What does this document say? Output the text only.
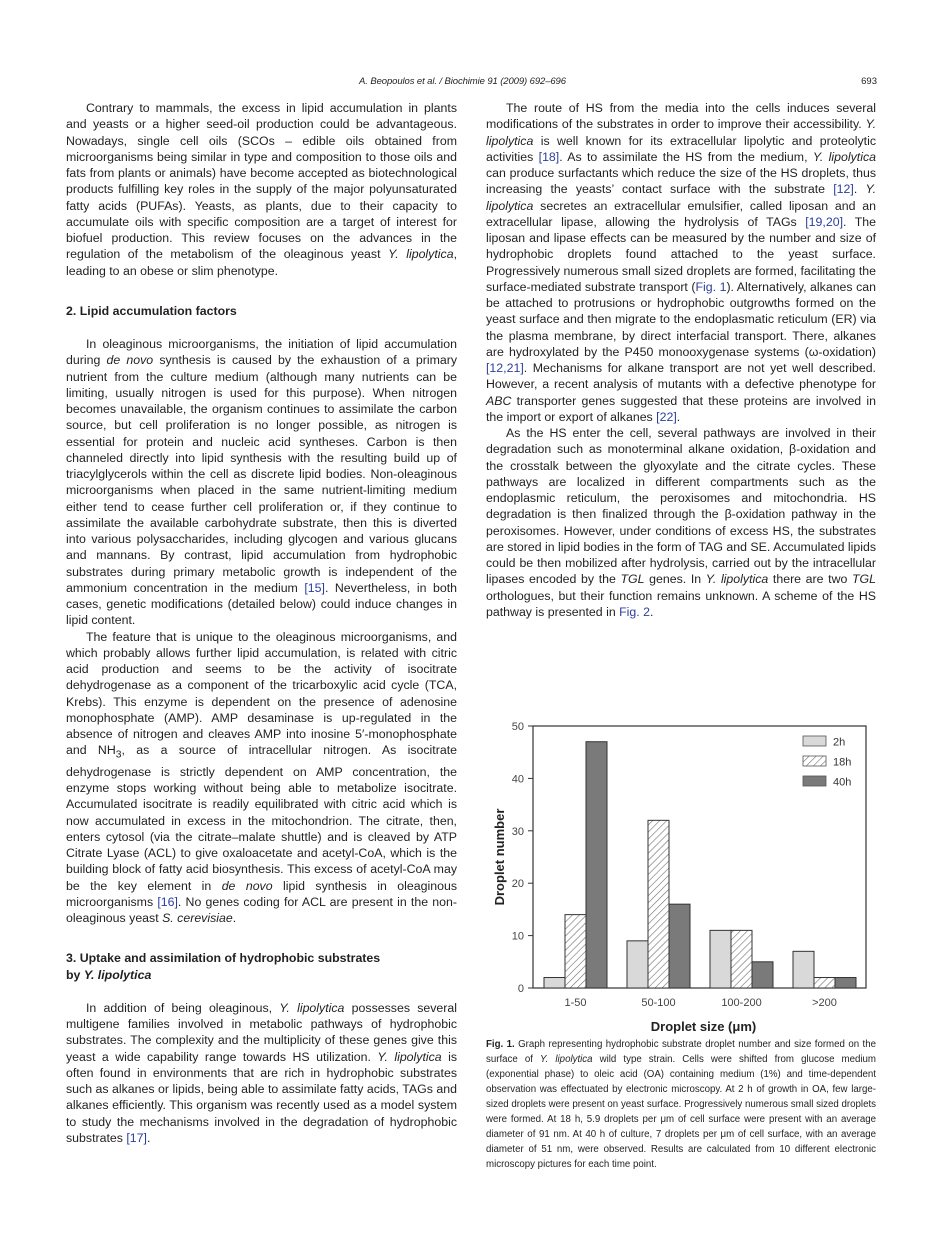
A. Beopoulos et al. / Biochimie 91 (2009) 692–696	693

Contrary to mammals, the excess in lipid accumulation in plants and yeasts or a higher seed-oil production could be advantageous. Nowadays, single cell oils (SCOs – edible oils obtained from microorganisms being similar in type and composition to those oils and fats from plants or animals) have become accepted as biotechnological products fulfilling key roles in the supply of the major polyunsaturated fatty acids (PUFAs). Yeasts, as plants, due to their capacity to accumulate oils with specific composition are a target of interest for biofuel production. This review focuses on the advances in the regulation of the metabolism of the oleaginous yeast Y. lipolytica, leading to an obese or slim phenotype.

2. Lipid accumulation factors

In oleaginous microorganisms, the initiation of lipid accumulation during de novo synthesis is caused by the exhaustion of a primary nutrient from the culture medium (although many nutrients can be limiting, usually nitrogen is used for this purpose). When nitrogen becomes unavailable, the organism continues to assimilate the carbon source, but cell proliferation is no longer possible, as nitrogen is essential for protein and nucleic acid syntheses. Carbon is then channeled directly into lipid synthesis with the resulting build up of triacylglycerols within the cell as discrete lipid bodies. Non-oleaginous microorganisms when placed in the same nutrient-limiting medium either tend to cease further cell proliferation or, if they continue to assimilate the available carbohydrate substrate, then this is diverted into various polysaccharides, including glycogen and various glucans and mannans. By contrast, lipid accumulation from hydrophobic substrates during primary metabolic growth is independent of the ammonium concentration in the medium [15]. Nevertheless, in both cases, genetic modifications (detailed below) could induce changes in lipid content.

The feature that is unique to the oleaginous microorganisms, and which probably allows further lipid accumulation, is related with citric acid production and seems to be the activity of isocitrate dehydrogenase as a component of the tricarboxylic acid cycle (TCA, Krebs). This enzyme is dependent on the presence of adenosine monophosphate (AMP). AMP desaminase is up-regulated in the absence of nitrogen and cleaves AMP into inosine 5′-monophosphate and $NH_3$, as a source of intracellular nitrogen. As isocitrate dehydrogenase is strictly dependent on AMP concentration, the enzyme stops working without being able to metabolize isocitrate. Accumulated isocitrate is readily equilibrated with citric acid which is now accumulated in excess in the mitochondrion. The citrate, then, enters cytosol (via the citrate–malate shuttle) and is cleaved by ATP Citrate Lyase (ACL) to give oxaloacetate and acetyl-CoA, which is the building block of fatty acid biosynthesis. This excess of acetyl-CoA may be the key element in de novo lipid synthesis in oleaginous microorganisms [16]. No genes coding for ACL are present in the non-oleaginous yeast S. cerevisiae.

3. Uptake and assimilation of hydrophobic substrates
by Y. lipolytica

In addition of being oleaginous, Y. lipolytica possesses several multigene families involved in metabolic pathways of hydrophobic substrates. The complexity and the multiplicity of these genes give this yeast a wide capability range towards HS utilization. Y. lipolytica is often found in environments that are rich in hydrophobic substrates such as alkanes or lipids, being able to assimilate fatty acids, TAGs and alkanes efficiently. This organism was recently used as a model system to study the mechanisms involved in the degradation of hydrophobic substrates [17].

The route of HS from the media into the cells induces several modifications of the substrates in order to improve their accessibility. Y. lipolytica is well known for its extracellular lipolytic and proteolytic activities [18]. As to assimilate the HS from the medium, Y. lipolytica can produce surfactants which reduce the size of the HS droplets, thus increasing the yeasts’ contact surface with the substrate [12]. Y. lipolytica secretes an extracellular emulsifier, called liposan and an extracellular lipase, allowing the hydrolysis of TAGs [19,20]. The liposan and lipase effects can be measured by the number and size of hydrophobic droplets found attached to the yeast surface. Progressively numerous small sized droplets are formed, facilitating the surface-mediated substrate transport (Fig. 1). Alternatively, alkanes can be attached to protrusions or hydrophobic outgrowths formed on the yeast surface and then migrate to the endoplasmatic reticulum (ER) via the plasma membrane, by direct interfacial transport. There, alkanes are hydroxylated by the P450 monooxygenase systems (ω-oxidation) [12,21]. Mechanisms for alkane transport are not yet well described. However, a recent analysis of mutants with a defective phenotype for ABC transporter genes suggested that these proteins are involved in the import or export of alkanes [22].

As the HS enter the cell, several pathways are involved in their degradation such as monoterminal alkane oxidation, β-oxidation and the crosstalk between the glyoxylate and the citrate cycles. These pathways are localized in different compartments such as the endoplasmic reticulum, the peroxisomes and mitochondria. HS degradation is then finalized through the β-oxidation pathway in the peroxisomes. However, under conditions of excess HS, the substrates are stored in lipid bodies in the form of TAG and SE. Accumulated lipids could be then mobilized after hydrolysis, carried out by the intracellular lipases encoded by the TGL genes. In Y. lipolytica there are two TGL orthologues, but their function remains unknown. A scheme of the HS pathway is presented in Fig. 2.

0
10
20
30
40
50
1-50	50-100	100-200	>200
Droplet size (μm)
Droplet number
2h
18h
40h
Fig. 1. Graph representing hydrophobic substrate droplet number and size formed on the surface of Y. lipolytica wild type strain. Cells were shifted from glucose medium (exponential phase) to oleic acid (OA) containing medium (1%) and time-dependent observation was effectuated by electronic microscopy. At 2 h of growth in OA, few large-sized droplets were present on yeast surface. Progressively numerous small sized droplets were formed. At 18 h, 5.9 droplets per μm of cell surface were present with an average diameter of 91 nm. At 40 h of culture, 7 droplets per μm of cell surface, with an average diameter of 51 nm, were observed. Results are calculated from 10 different electronic microscopy pictures for each time point.
